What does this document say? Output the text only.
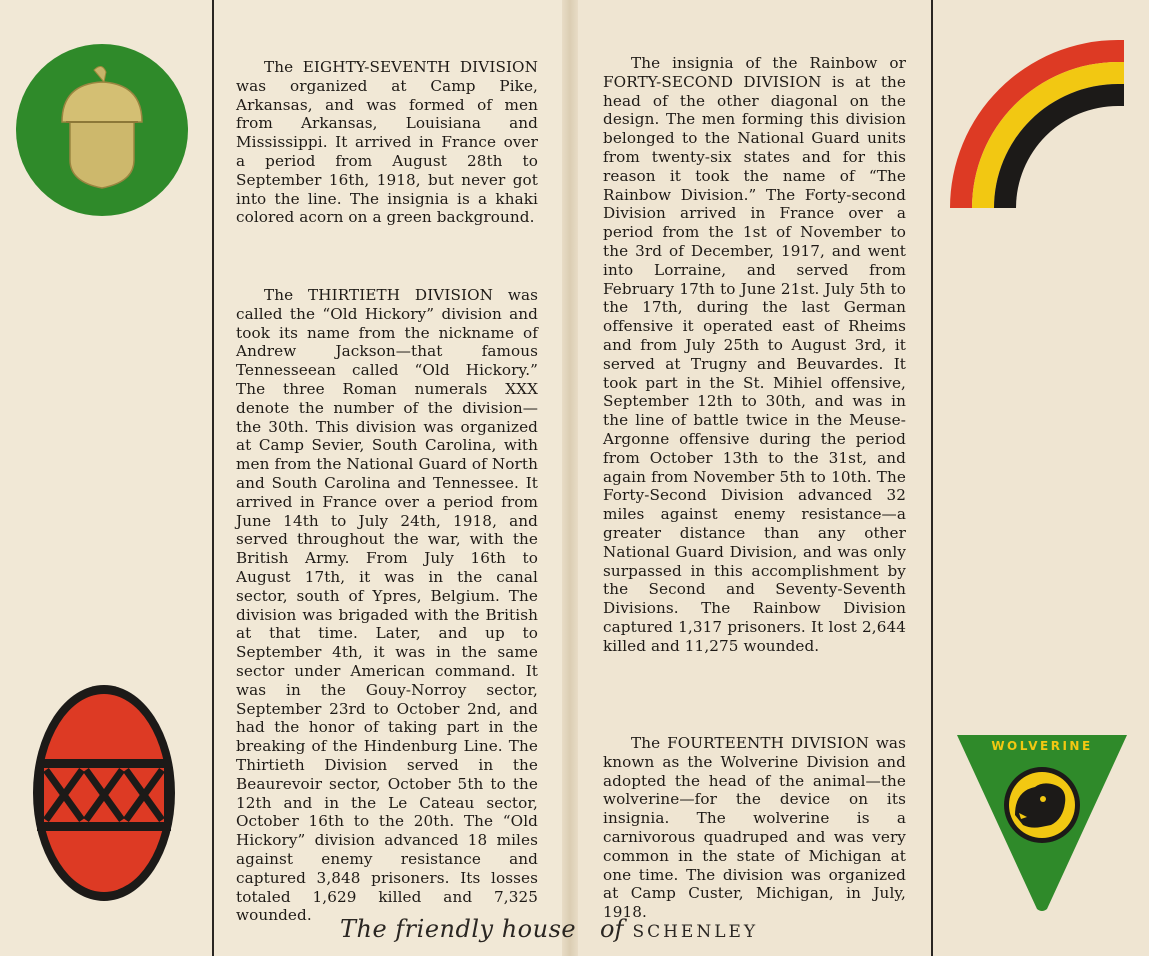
WOLVERINE

The EIGHTY-SEVENTH DIVISION was organized at Camp Pike, Arkansas, and was formed of men from Arkansas, Louisiana and Mississippi. It arrived in France over a period from August 28th to September 16th, 1918, but never got into the line. The insignia is a khaki colored acorn on a green background.

The THIRTIETH DIVISION was called the “Old Hickory” division and took its name from the nickname of Andrew Jackson—that famous Tennesseean called “Old Hickory.” The three Roman numerals XXX denote the number of the division—the 30th. This division was organized at Camp Sevier, South Carolina, with men from the National Guard of North and South Carolina and Tennessee. It arrived in France over a period from June 14th to July 24th, 1918, and served throughout the war, with the British Army. From July 16th to August 17th, it was in the canal sector, south of Ypres, Belgium. The division was brigaded with the British at that time. Later, and up to September 4th, it was in the same sector under American command. It was in the Gouy-Norroy sector, September 23rd to October 2nd, and had the honor of taking part in the breaking of the Hindenburg Line. The Thirtieth Division served in the Beaurevoir sector, October 5th to the 12th and in the Le Cateau sector, October 16th to the 20th. The “Old Hickory” division advanced 18 miles against enemy resistance and captured 3,848 prisoners. Its losses totaled 1,629 killed and 7,325 wounded.

The insignia of the Rainbow or FORTY-SECOND DIVISION is at the head of the other diagonal on the design. The men forming this division belonged to the National Guard units from twenty-six states and for this reason it took the name of “The Rainbow Division.” The Forty-second Division arrived in France over a period from the 1st of November to the 3rd of December, 1917, and went into Lorraine, and served from February 17th to June 21st. July 5th to the 17th, during the last German offensive it operated east of Rheims and from July 25th to August 3rd, it served at Trugny and Beuvardes. It took part in the St. Mihiel offensive, September 12th to 30th, and was in the line of battle twice in the Meuse-Argonne offensive during the period from October 13th to the 31st, and again from November 5th to 10th. The Forty-Second Division advanced 32 miles against enemy resistance—a greater distance than any other National Guard Division, and was only surpassed in this accomplishment by the Second and Seventy-Seventh Divisions. The Rainbow Division captured 1,317 prisoners. It lost 2,644 killed and 11,275 wounded.

The FOURTEENTH DIVISION was known as the Wolverine Division and adopted the head of the animal—the wolverine—for the device on its insignia. The wolverine is a carnivorous quadruped and was very common in the state of Michigan at one time. The division was organized at Camp Custer, Michigan, in July, 1918.

The friendly house of SCHENLEY
